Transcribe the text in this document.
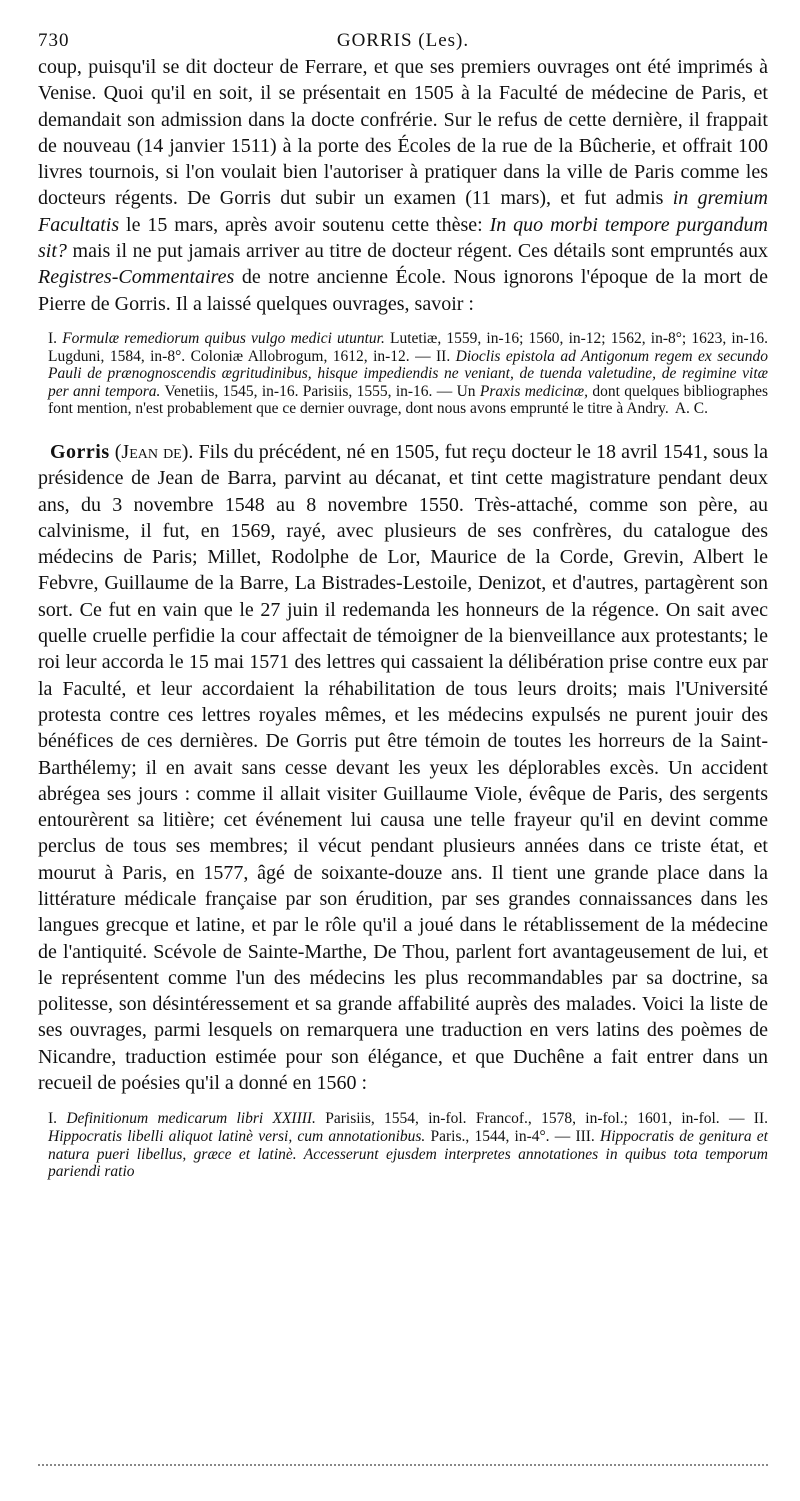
730	GORRIS (Les).

coup, puisqu'il se dit docteur de Ferrare, et que ses premiers ouvrages ont été imprimés à Venise. Quoi qu'il en soit, il se présentait en 1505 à la Faculté de médecine de Paris, et demandait son admission dans la docte confrérie. Sur le refus de cette dernière, il frappait de nouveau (14 janvier 1511) à la porte des Écoles de la rue de la Bûcherie, et offrait 100 livres tournois, si l'on voulait bien l'autoriser à pratiquer dans la ville de Paris comme les docteurs régents. De Gorris dut subir un examen (11 mars), et fut admis in gremium Facultatis le 15 mars, après avoir soutenu cette thèse: In quo morbi tempore purgandum sit? mais il ne put jamais arriver au titre de docteur régent. Ces détails sont empruntés aux Registres-Commentaires de notre ancienne École. Nous ignorons l'époque de la mort de Pierre de Gorris. Il a laissé quelques ouvrages, savoir :

I. Formulæ remediorum quibus vulgo medici utuntur. Lutetiæ, 1559, in-16; 1560, in-12; 1562, in-8°; 1623, in-16. Lugduni, 1584, in-8°. Coloniæ Allobrogum, 1612, in-12. — II. Dioclis epistola ad Antigonum regem ex secundo Pauli de prænognoscendis ægritudinibus, hisque impediendis ne veniant, de tuenda valetudine, de regimine vitæ per anni tempora. Venetiis, 1545, in-16. Parisiis, 1555, in-16. — Un Praxis medicinæ, dont quelques bibliographes font mention, n'est probablement que ce dernier ouvrage, dont nous avons emprunté le titre à Andry. A. C.

Gorris (Jean de). Fils du précédent, né en 1505, fut reçu docteur le 18 avril 1541, sous la présidence de Jean de Barra, parvint au décanat, et tint cette magistrature pendant deux ans, du 3 novembre 1548 au 8 novembre 1550. Très-attaché, comme son père, au calvinisme, il fut, en 1569, rayé, avec plusieurs de ses confrères, du catalogue des médecins de Paris; Millet, Rodolphe de Lor, Maurice de la Corde, Grevin, Albert le Febvre, Guillaume de la Barre, La Bistrades-Lestoile, Denizot, et d'autres, partagèrent son sort. Ce fut en vain que le 27 juin il redemanda les honneurs de la régence. On sait avec quelle cruelle perfidie la cour affectait de témoigner de la bienveillance aux protestants; le roi leur accorda le 15 mai 1571 des lettres qui cassaient la délibération prise contre eux par la Faculté, et leur accordaient la réhabilitation de tous leurs droits; mais l'Université protesta contre ces lettres royales mêmes, et les médecins expulsés ne purent jouir des bénéfices de ces dernières. De Gorris put être témoin de toutes les horreurs de la Saint-Barthélemy; il en avait sans cesse devant les yeux les déplorables excès. Un accident abrégea ses jours : comme il allait visiter Guillaume Viole, évêque de Paris, des sergents entourèrent sa litière; cet événement lui causa une telle frayeur qu'il en devint comme perclus de tous ses membres; il vécut pendant plusieurs années dans ce triste état, et mourut à Paris, en 1577, âgé de soixante-douze ans. Il tient une grande place dans la littérature médicale française par son érudition, par ses grandes connaissances dans les langues grecque et latine, et par le rôle qu'il a joué dans le rétablissement de la médecine de l'antiquité. Scévole de Sainte-Marthe, De Thou, parlent fort avantageusement de lui, et le représentent comme l'un des médecins les plus recommandables par sa doctrine, sa politesse, son désintéressement et sa grande affabilité auprès des malades. Voici la liste de ses ouvrages, parmi lesquels on remarquera une traduction en vers latins des poèmes de Nicandre, traduction estimée pour son élégance, et que Duchêne a fait entrer dans un recueil de poésies qu'il a donné en 1560 :

I. Definitionum medicarum libri XXIIII. Parisiis, 1554, in-fol. Francof., 1578, in-fol.; 1601, in-fol. — II. Hippocratis libelli aliquot latinè versi, cum annotationibus. Paris., 1544, in-4°. — III. Hippocratis de genitura et natura pueri libellus, græce et latinè. Accesserunt ejusdem interpretes annotationes in quibus tota temporum pariendi ratio
